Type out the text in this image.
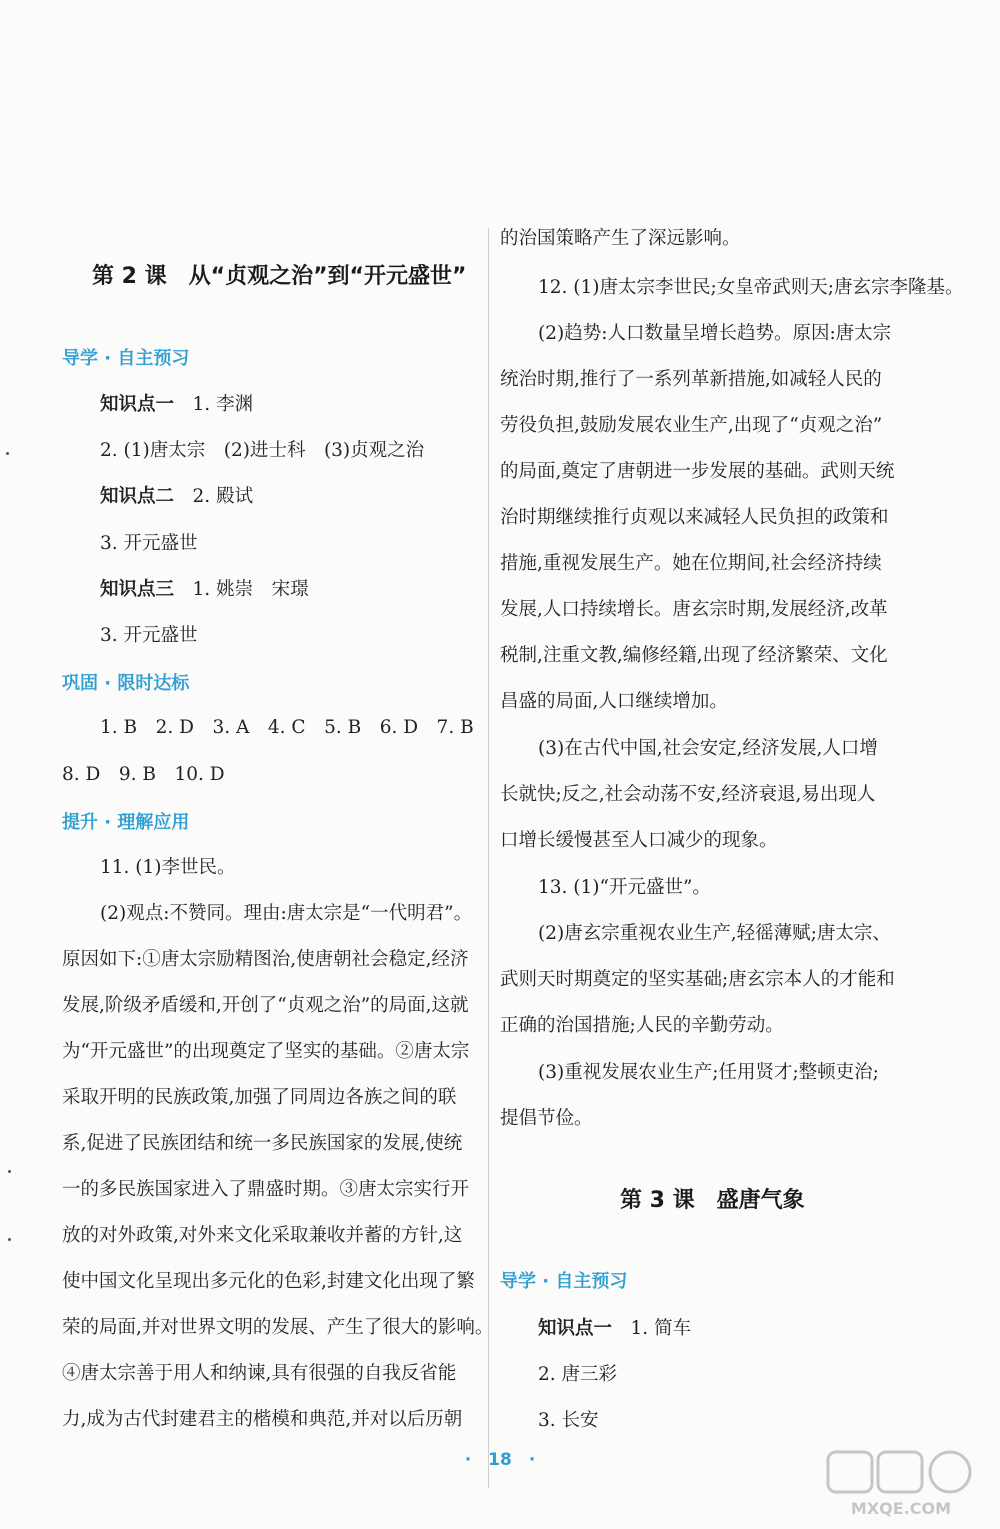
第 2 课　从“贞观之治”到“开元盛世”
导学 · 自主预习
知识点一　 1. 李渊
2. (1)唐太宗　(2)进士科　(3)贞观之治
知识点二　 2. 殿试
3. 开元盛世
知识点三　 1. 姚崇　宋璟
3. 开元盛世
巩固 · 限时达标
1. B　2. D　3. A　4. C　5. B　6. D　7. B
8. D　9. B　10. D
提升 · 理解应用
11. (1)李世民。
(2)观点:不赞同。理由:唐太宗是“一代明君”。
原因如下:①唐太宗励精图治,使唐朝社会稳定,经济
发展,阶级矛盾缓和,开创了“贞观之治”的局面,这就
为“开元盛世”的出现奠定了坚实的基础。②唐太宗
采取开明的民族政策,加强了同周边各族之间的联
系,促进了民族团结和统一多民族国家的发展,使统
一的多民族国家进入了鼎盛时期。③唐太宗实行开
放的对外政策,对外来文化采取兼收并蓄的方针,这
使中国文化呈现出多元化的色彩,封建文化出现了繁
荣的局面,并对世界文明的发展、产生了很大的影响。
④唐太宗善于用人和纳谏,具有很强的自我反省能
力,成为古代封建君主的楷模和典范,并对以后历朝
的治国策略产生了深远影响。
12. (1)唐太宗李世民;女皇帝武则天;唐玄宗李隆基。
(2)趋势:人口数量呈增长趋势。原因:唐太宗
统治时期,推行了一系列革新措施,如减轻人民的
劳役负担,鼓励发展农业生产,出现了“贞观之治”
的局面,奠定了唐朝进一步发展的基础。武则天统
治时期继续推行贞观以来减轻人民负担的政策和
措施,重视发展生产。她在位期间,社会经济持续
发展,人口持续增长。唐玄宗时期,发展经济,改革
税制,注重文教,编修经籍,出现了经济繁荣、文化
昌盛的局面,人口继续增加。
(3)在古代中国,社会安定,经济发展,人口增
长就快;反之,社会动荡不安,经济衰退,易出现人
口增长缓慢甚至人口减少的现象。
13. (1)“开元盛世”。
(2)唐玄宗重视农业生产,轻徭薄赋;唐太宗、
武则天时期奠定的坚实基础;唐玄宗本人的才能和
正确的治国措施;人民的辛勤劳动。
(3)重视发展农业生产;任用贤才;整顿吏治;
提倡节俭。
第 3 课　盛唐气象
导学 · 自主预习
知识点一　 1. 简车
2. 唐三彩
3. 长安
·　18　·
MXQE.COM
